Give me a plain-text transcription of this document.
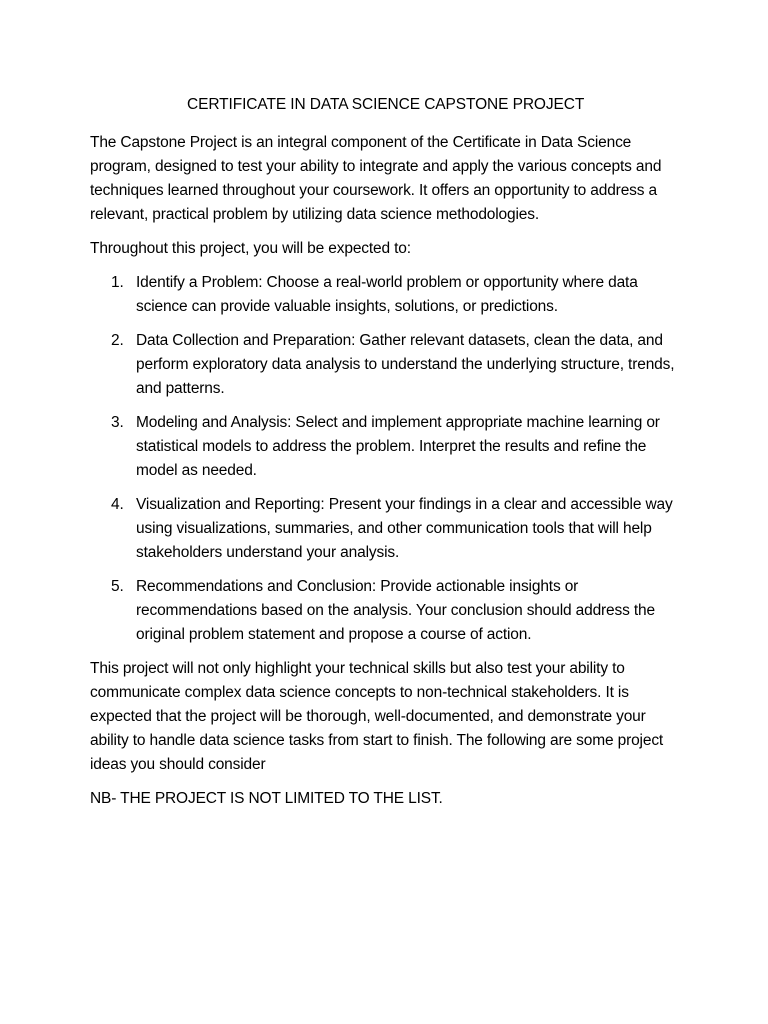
CERTIFICATE IN DATA SCIENCE CAPSTONE PROJECT

The Capstone Project is an integral component of the Certificate in Data Science program, designed to test your ability to integrate and apply the various concepts and techniques learned throughout your coursework. It offers an opportunity to address a relevant, practical problem by utilizing data science methodologies.

Throughout this project, you will be expected to:

1. Identify a Problem: Choose a real-world problem or opportunity where data science can provide valuable insights, solutions, or predictions.
2. Data Collection and Preparation: Gather relevant datasets, clean the data, and perform exploratory data analysis to understand the underlying structure, trends, and patterns.
3. Modeling and Analysis: Select and implement appropriate machine learning or statistical models to address the problem. Interpret the results and refine the model as needed.
4. Visualization and Reporting: Present your findings in a clear and accessible way using visualizations, summaries, and other communication tools that will help stakeholders understand your analysis.
5. Recommendations and Conclusion: Provide actionable insights or recommendations based on the analysis. Your conclusion should address the original problem statement and propose a course of action.

This project will not only highlight your technical skills but also test your ability to communicate complex data science concepts to non-technical stakeholders. It is expected that the project will be thorough, well-documented, and demonstrate your ability to handle data science tasks from start to finish. The following are some project ideas you should consider

NB- THE PROJECT IS NOT LIMITED TO THE LIST.
